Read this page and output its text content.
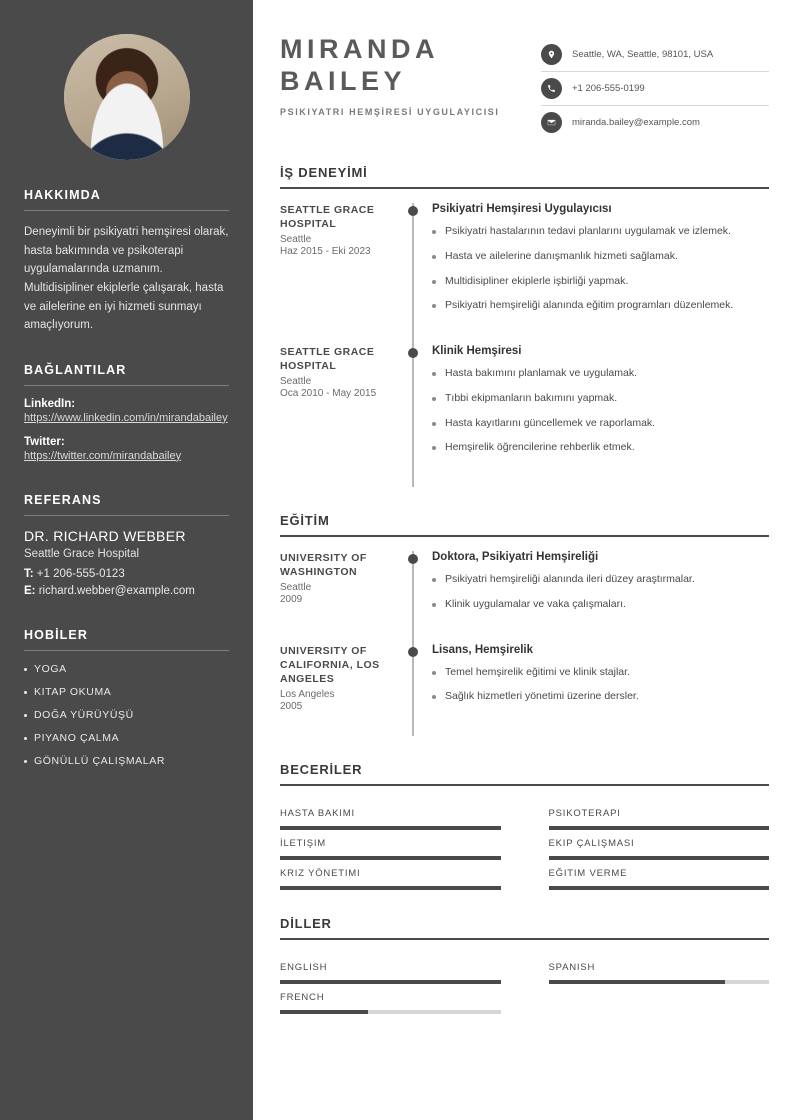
HAKKIMDA

Deneyimli bir psikiyatri hemşiresi olarak, hasta bakımında ve psikoterapi uygulamalarında uzmanım. Multidisipliner ekiplerle çalışarak, hasta ve ailelerine en iyi hizmeti sunmayı amaçlıyorum.

BAĞLANTILAR
LinkedIn:
https://www.linkedin.com/in/mirandabailey
Twitter:
https://twitter.com/mirandabailey
REFERANS
DR. RICHARD WEBBER
Seattle Grace Hospital
T: +1 206-555-0123
E: richard.webber@example.com
HOBİLER
YOGA
KITAP OKUMA
DOĞA YÜRÜYÜŞÜ
PIYANO ÇALMA
GÖNÜLLÜ ÇALIŞMALAR
MIRANDA
BAILEY
PSIKIYATRI HEMŞİRESİ UYGULAYICISI
Seattle, WA, Seattle, 98101, USA
+1 206-555-0199
miranda.bailey@example.com
İŞ DENEYİMİ
SEATTLE GRACE HOSPITAL
Seattle
Haz 2015 - Eki 2023
Psikiyatri Hemşiresi Uygulayıcısı
Psikiyatri hastalarının tedavi planlarını uygulamak ve izlemek.
Hasta ve ailelerine danışmanlık hizmeti sağlamak.
Multidisipliner ekiplerle işbirliği yapmak.
Psikiyatri hemşireliği alanında eğitim programları düzenlemek.
SEATTLE GRACE HOSPITAL
Seattle
Oca 2010 - May 2015
Klinik Hemşiresi
Hasta bakımını planlamak ve uygulamak.
Tıbbi ekipmanların bakımını yapmak.
Hasta kayıtlarını güncellemek ve raporlamak.
Hemşirelik öğrencilerine rehberlik etmek.
EĞİTİM
UNIVERSITY OF WASHINGTON
Seattle
2009
Doktora, Psikiyatri Hemşireliği
Psikiyatri hemşireliği alanında ileri düzey araştırmalar.
Klinik uygulamalar ve vaka çalışmaları.
UNIVERSITY OF CALIFORNIA, LOS ANGELES
Los Angeles
2005
Lisans, Hemşirelik
Temel hemşirelik eğitimi ve klinik stajlar.
Sağlık hizmetleri yönetimi üzerine dersler.
BECERİLER
HASTA BAKIMI	PSIKOTERAPI
İLETIŞIM	EKIP ÇALIŞMASI
KRIZ YÖNETIMI	EĞITIM VERME
DİLLER
ENGLISH	SPANISH
FRENCH
